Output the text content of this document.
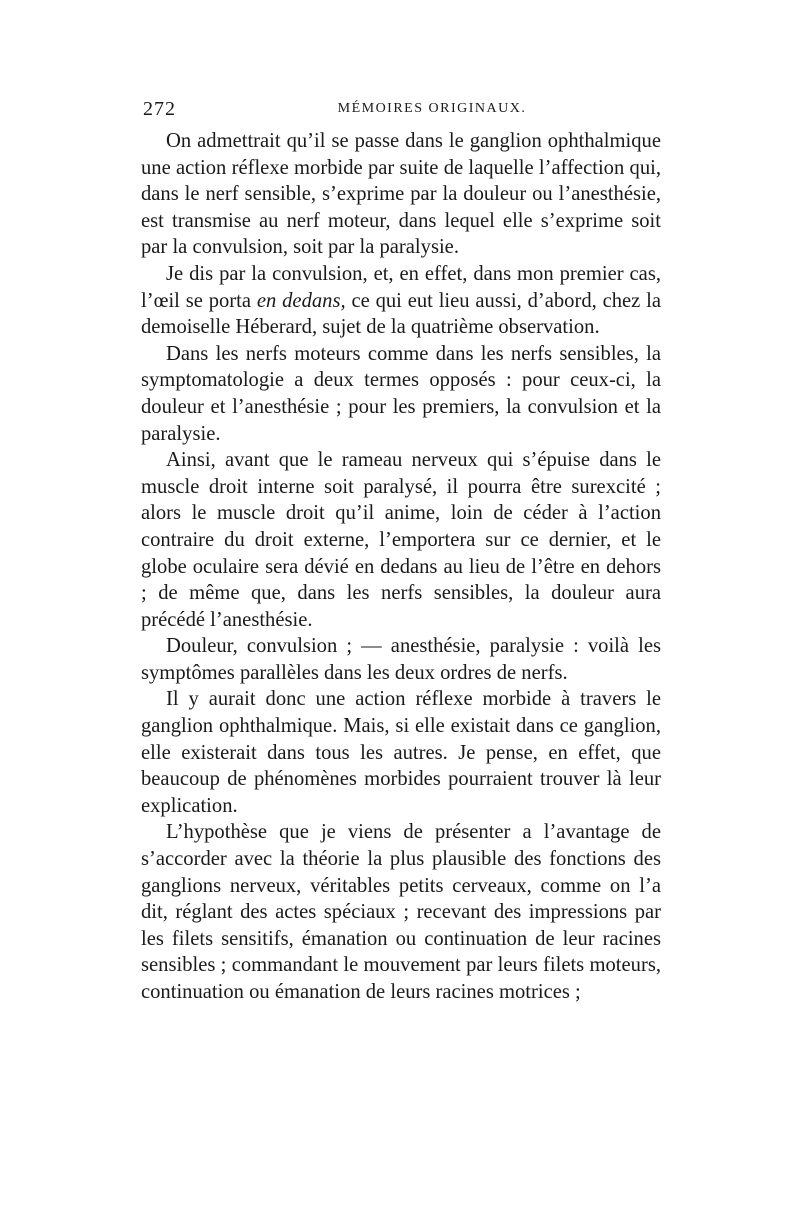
272	MÉMOIRES ORIGINAUX.

On admettrait qu’il se passe dans le ganglion ophthalmique une action réflexe morbide par suite de laquelle l’affection qui, dans le nerf sensible, s’exprime par la douleur ou l’anesthésie, est transmise au nerf moteur, dans lequel elle s’exprime soit par la convulsion, soit par la paralysie.

Je dis par la convulsion, et, en effet, dans mon premier cas, l’œil se porta en dedans, ce qui eut lieu aussi, d’abord, chez la demoiselle Héberard, sujet de la quatrième observation.

Dans les nerfs moteurs comme dans les nerfs sensibles, la symptomatologie a deux termes opposés : pour ceux-ci, la douleur et l’anesthésie ; pour les premiers, la convulsion et la paralysie.

Ainsi, avant que le rameau nerveux qui s’épuise dans le muscle droit interne soit paralysé, il pourra être surexcité ; alors le muscle droit qu’il anime, loin de céder à l’action contraire du droit externe, l’emportera sur ce dernier, et le globe oculaire sera dévié en dedans au lieu de l’être en dehors ; de même que, dans les nerfs sensibles, la douleur aura précédé l’anesthésie.

Douleur, convulsion ; — anesthésie, paralysie : voilà les symptômes parallèles dans les deux ordres de nerfs.

Il y aurait donc une action réflexe morbide à travers le ganglion ophthalmique. Mais, si elle existait dans ce ganglion, elle existerait dans tous les autres. Je pense, en effet, que beaucoup de phénomènes morbides pourraient trouver là leur explication.

L’hypothèse que je viens de présenter a l’avantage de s’accorder avec la théorie la plus plausible des fonctions des ganglions nerveux, véritables petits cerveaux, comme on l’a dit, réglant des actes spéciaux ; recevant des impressions par les filets sensitifs, émanation ou continuation de leur racines sensibles ; commandant le mouvement par leurs filets moteurs, continuation ou émanation de leurs racines motrices ;
